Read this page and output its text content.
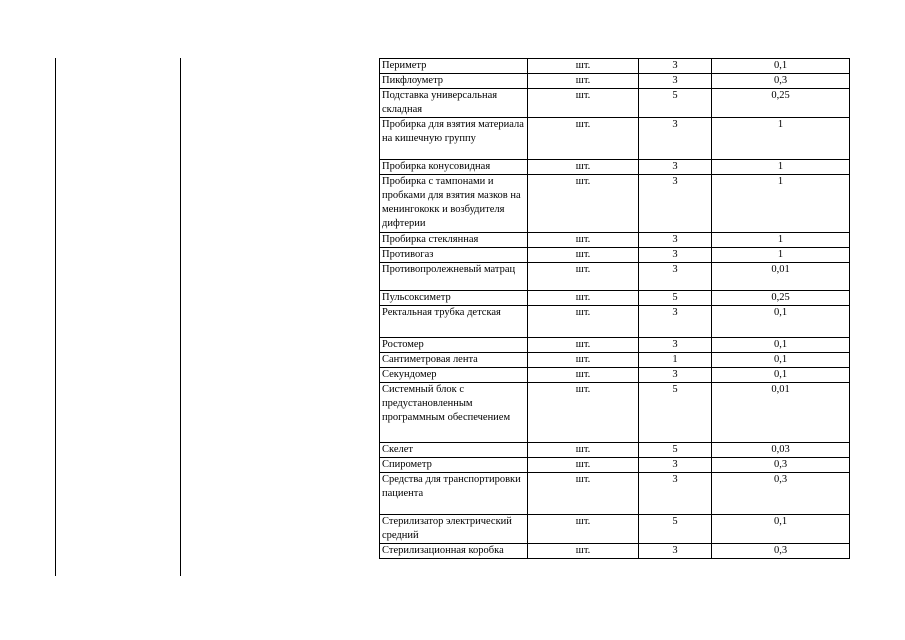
Периметр	шт.	3	0,1
Пикфлоуметр	шт.	3	0,3
Подставка универсальная складная	шт.	5	0,25
Пробирка для взятия материала на кишечную группу	шт.	3	1
Пробирка конусовидная	шт.	3	1
Пробирка с тампонами и пробками для взятия мазков на менингококк и возбудителя дифтерии	шт.	3	1
Пробирка стеклянная	шт.	3	1
Противогаз	шт.	3	1
Противопролежневый матрац	шт.	3	0,01
Пульсоксиметр	шт.	5	0,25
Ректальная трубка детская	шт.	3	0,1
Ростомер	шт.	3	0,1
Сантиметровая лента	шт.	1	0,1
Секундомер	шт.	3	0,1
Системный блок с предустановленным программным обеспечением	шт.	5	0,01
Скелет	шт.	5	0,03
Спирометр	шт.	3	0,3
Средства для транспортировки пациента	шт.	3	0,3
Стерилизатор электрический средний	шт.	5	0,1
Стерилизационная коробка	шт.	3	0,3
